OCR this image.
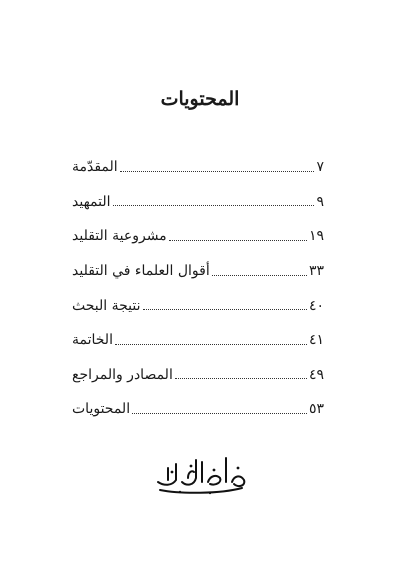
المحتويات
المقدّمة	٧
التمهيد	٩
مشروعية التقليد	١٩
أقوال العلماء في التقليد	٣٣
نتيجة البحث	٤٠
الخاتمة	٤١
المصادر والمراجع	٤٩
المحتويات	٥٣
